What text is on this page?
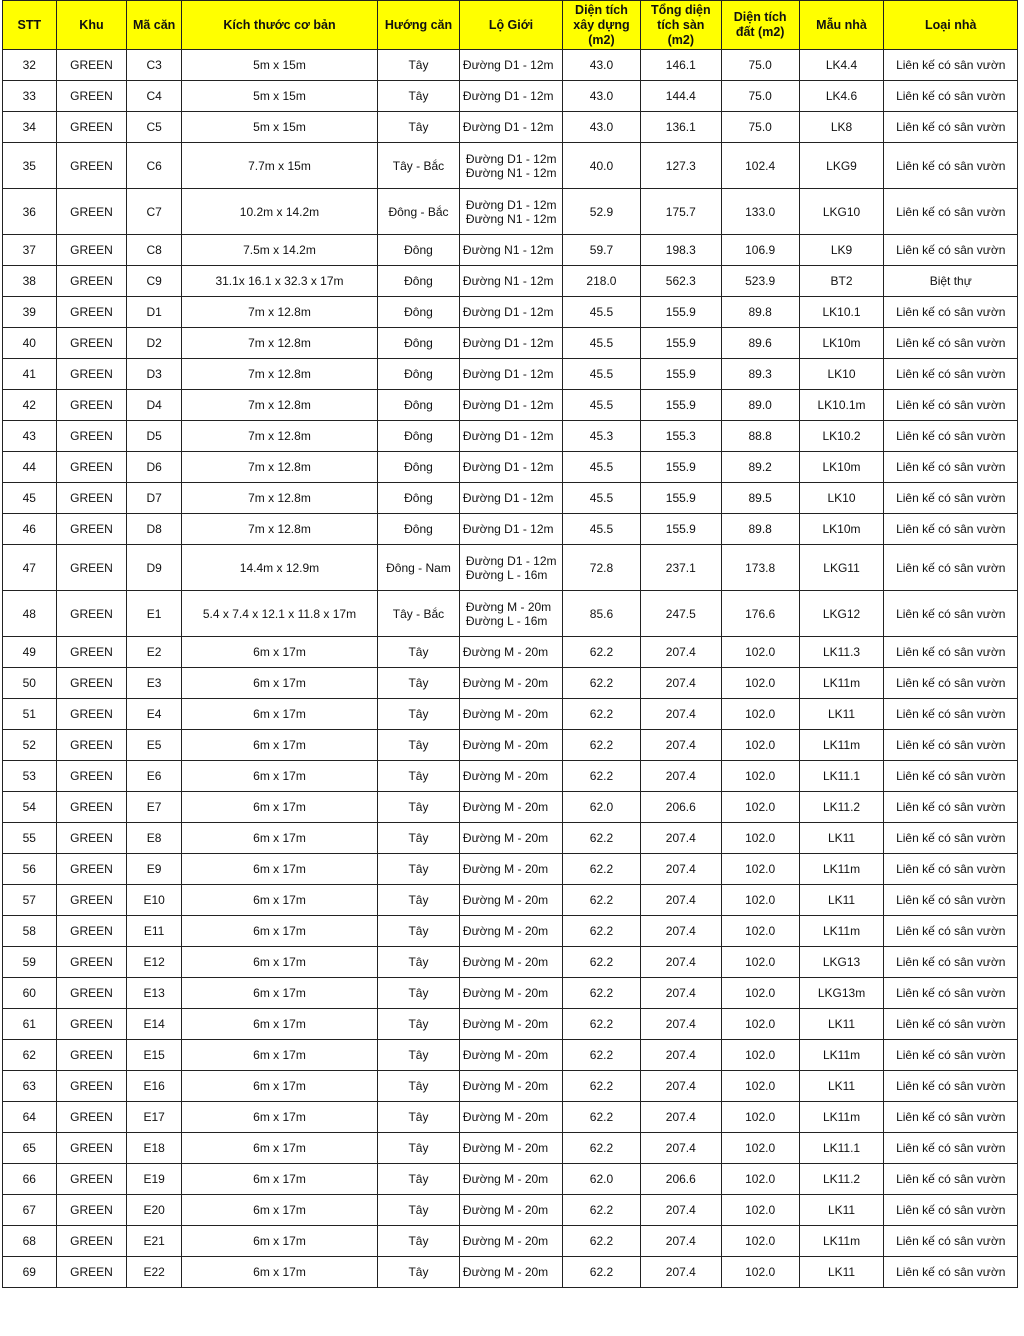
STT	Khu	Mã căn	Kích thước cơ bản	Hướng căn	Lộ Giới	Diện tích xây dựng (m2)	Tổng diện tích sàn (m2)	Diện tích đất (m2)	Mẫu nhà	Loại nhà
32	GREEN	C3	5m x 15m	Tây	Đường D1 - 12m	43.0	146.1	75.0	LK4.4	Liên kế có sân vườn
33	GREEN	C4	5m x 15m	Tây	Đường D1 - 12m	43.0	144.4	75.0	LK4.6	Liên kế có sân vườn
34	GREEN	C5	5m x 15m	Tây	Đường D1 - 12m	43.0	136.1	75.0	LK8	Liên kế có sân vườn
35	GREEN	C6	7.7m x 15m	Tây - Bắc	Đường D1 - 12m
Đường N1 - 12m	40.0	127.3	102.4	LKG9	Liên kế có sân vườn
36	GREEN	C7	10.2m x 14.2m	Đông - Bắc	Đường D1 - 12m
Đường N1 - 12m	52.9	175.7	133.0	LKG10	Liên kế có sân vườn
37	GREEN	C8	7.5m x 14.2m	Đông	Đường N1 - 12m	59.7	198.3	106.9	LK9	Liên kế có sân vườn
38	GREEN	C9	31.1x 16.1 x 32.3 x 17m	Đông	Đường N1 - 12m	218.0	562.3	523.9	BT2	Biệt thự
39	GREEN	D1	7m x 12.8m	Đông	Đường D1 - 12m	45.5	155.9	89.8	LK10.1	Liên kế có sân vườn
40	GREEN	D2	7m x 12.8m	Đông	Đường D1 - 12m	45.5	155.9	89.6	LK10m	Liên kế có sân vườn
41	GREEN	D3	7m x 12.8m	Đông	Đường D1 - 12m	45.5	155.9	89.3	LK10	Liên kế có sân vườn
42	GREEN	D4	7m x 12.8m	Đông	Đường D1 - 12m	45.5	155.9	89.0	LK10.1m	Liên kế có sân vườn
43	GREEN	D5	7m x 12.8m	Đông	Đường D1 - 12m	45.3	155.3	88.8	LK10.2	Liên kế có sân vườn
44	GREEN	D6	7m x 12.8m	Đông	Đường D1 - 12m	45.5	155.9	89.2	LK10m	Liên kế có sân vườn
45	GREEN	D7	7m x 12.8m	Đông	Đường D1 - 12m	45.5	155.9	89.5	LK10	Liên kế có sân vườn
46	GREEN	D8	7m x 12.8m	Đông	Đường D1 - 12m	45.5	155.9	89.8	LK10m	Liên kế có sân vườn
47	GREEN	D9	14.4m x 12.9m	Đông - Nam	Đường D1 - 12m
Đường L - 16m	72.8	237.1	173.8	LKG11	Liên kế có sân vườn
48	GREEN	E1	5.4 x 7.4 x 12.1 x 11.8 x 17m	Tây - Bắc	Đường M - 20m
Đường L - 16m	85.6	247.5	176.6	LKG12	Liên kế có sân vườn
49	GREEN	E2	6m x 17m	Tây	Đường M - 20m	62.2	207.4	102.0	LK11.3	Liên kế có sân vườn
50	GREEN	E3	6m x 17m	Tây	Đường M - 20m	62.2	207.4	102.0	LK11m	Liên kế có sân vườn
51	GREEN	E4	6m x 17m	Tây	Đường M - 20m	62.2	207.4	102.0	LK11	Liên kế có sân vườn
52	GREEN	E5	6m x 17m	Tây	Đường M - 20m	62.2	207.4	102.0	LK11m	Liên kế có sân vườn
53	GREEN	E6	6m x 17m	Tây	Đường M - 20m	62.2	207.4	102.0	LK11.1	Liên kế có sân vườn
54	GREEN	E7	6m x 17m	Tây	Đường M - 20m	62.0	206.6	102.0	LK11.2	Liên kế có sân vườn
55	GREEN	E8	6m x 17m	Tây	Đường M - 20m	62.2	207.4	102.0	LK11	Liên kế có sân vườn
56	GREEN	E9	6m x 17m	Tây	Đường M - 20m	62.2	207.4	102.0	LK11m	Liên kế có sân vườn
57	GREEN	E10	6m x 17m	Tây	Đường M - 20m	62.2	207.4	102.0	LK11	Liên kế có sân vườn
58	GREEN	E11	6m x 17m	Tây	Đường M - 20m	62.2	207.4	102.0	LK11m	Liên kế có sân vườn
59	GREEN	E12	6m x 17m	Tây	Đường M - 20m	62.2	207.4	102.0	LKG13	Liên kế có sân vườn
60	GREEN	E13	6m x 17m	Tây	Đường M - 20m	62.2	207.4	102.0	LKG13m	Liên kế có sân vườn
61	GREEN	E14	6m x 17m	Tây	Đường M - 20m	62.2	207.4	102.0	LK11	Liên kế có sân vườn
62	GREEN	E15	6m x 17m	Tây	Đường M - 20m	62.2	207.4	102.0	LK11m	Liên kế có sân vườn
63	GREEN	E16	6m x 17m	Tây	Đường M - 20m	62.2	207.4	102.0	LK11	Liên kế có sân vườn
64	GREEN	E17	6m x 17m	Tây	Đường M - 20m	62.2	207.4	102.0	LK11m	Liên kế có sân vườn
65	GREEN	E18	6m x 17m	Tây	Đường M - 20m	62.2	207.4	102.0	LK11.1	Liên kế có sân vườn
66	GREEN	E19	6m x 17m	Tây	Đường M - 20m	62.0	206.6	102.0	LK11.2	Liên kế có sân vườn
67	GREEN	E20	6m x 17m	Tây	Đường M - 20m	62.2	207.4	102.0	LK11	Liên kế có sân vườn
68	GREEN	E21	6m x 17m	Tây	Đường M - 20m	62.2	207.4	102.0	LK11m	Liên kế có sân vườn
69	GREEN	E22	6m x 17m	Tây	Đường M - 20m	62.2	207.4	102.0	LK11	Liên kế có sân vườn
